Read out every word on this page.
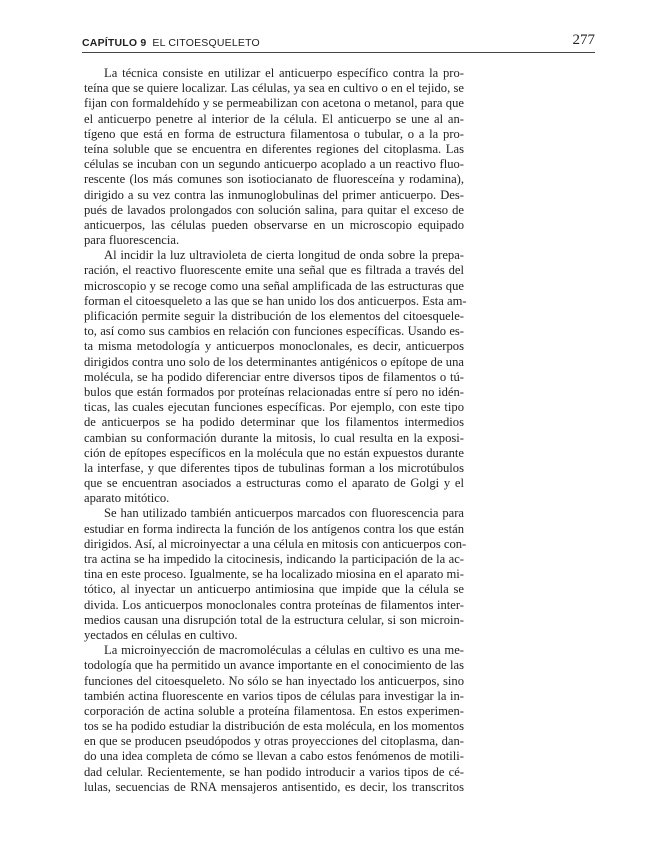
CAPÍTULO 9 EL CITOESQUELETO	277
La técnica consiste en utilizar el anticuerpo específico contra la pro-
teína que se quiere localizar. Las células, ya sea en cultivo o en el tejido, se
fijan con formaldehído y se permeabilizan con acetona o metanol, para que
el anticuerpo penetre al interior de la célula. El anticuerpo se une al an-
tígeno que está en forma de estructura filamentosa o tubular, o a la pro-
teína soluble que se encuentra en diferentes regiones del citoplasma. Las
células se incuban con un segundo anticuerpo acoplado a un reactivo fluo-
rescente (los más comunes son isotiocianato de fluoresceína y rodamina),
dirigido a su vez contra las inmunoglobulinas del primer anticuerpo. Des-
pués de lavados prolongados con solución salina, para quitar el exceso de
anticuerpos, las células pueden observarse en un microscopio equipado
para fluorescencia.
Al incidir la luz ultravioleta de cierta longitud de onda sobre la prepa-
ración, el reactivo fluorescente emite una señal que es filtrada a través del
microscopio y se recoge como una señal amplificada de las estructuras que
forman el citoesqueleto a las que se han unido los dos anticuerpos. Esta am-
plificación permite seguir la distribución de los elementos del citoesquele-
to, así como sus cambios en relación con funciones específicas. Usando es-
ta misma metodología y anticuerpos monoclonales, es decir, anticuerpos
dirigidos contra uno solo de los determinantes antigénicos o epítope de una
molécula, se ha podido diferenciar entre diversos tipos de filamentos o tú-
bulos que están formados por proteínas relacionadas entre sí pero no idén-
ticas, las cuales ejecutan funciones específicas. Por ejemplo, con este tipo
de anticuerpos se ha podido determinar que los filamentos intermedios
cambian su conformación durante la mitosis, lo cual resulta en la exposi-
ción de epítopes específicos en la molécula que no están expuestos durante
la interfase, y que diferentes tipos de tubulinas forman a los microtúbulos
que se encuentran asociados a estructuras como el aparato de Golgi y el
aparato mitótico.
Se han utilizado también anticuerpos marcados con fluorescencia para
estudiar en forma indirecta la función de los antígenos contra los que están
dirigidos. Así, al microinyectar a una célula en mitosis con anticuerpos con-
tra actina se ha impedido la citocinesis, indicando la participación de la ac-
tina en este proceso. Igualmente, se ha localizado miosina en el aparato mi-
tótico, al inyectar un anticuerpo antimiosina que impide que la célula se
divida. Los anticuerpos monoclonales contra proteínas de filamentos inter-
medios causan una disrupción total de la estructura celular, si son microin-
yectados en células en cultivo.
La microinyección de macromoléculas a células en cultivo es una me-
todología que ha permitido un avance importante en el conocimiento de las
funciones del citoesqueleto. No sólo se han inyectado los anticuerpos, sino
también actina fluorescente en varios tipos de células para investigar la in-
corporación de actina soluble a proteína filamentosa. En estos experimen-
tos se ha podido estudiar la distribución de esta molécula, en los momentos
en que se producen pseudópodos y otras proyecciones del citoplasma, dan-
do una idea completa de cómo se llevan a cabo estos fenómenos de motili-
dad celular. Recientemente, se han podido introducir a varios tipos de cé-
lulas, secuencias de RNA mensajeros antisentido, es decir, los transcritos
